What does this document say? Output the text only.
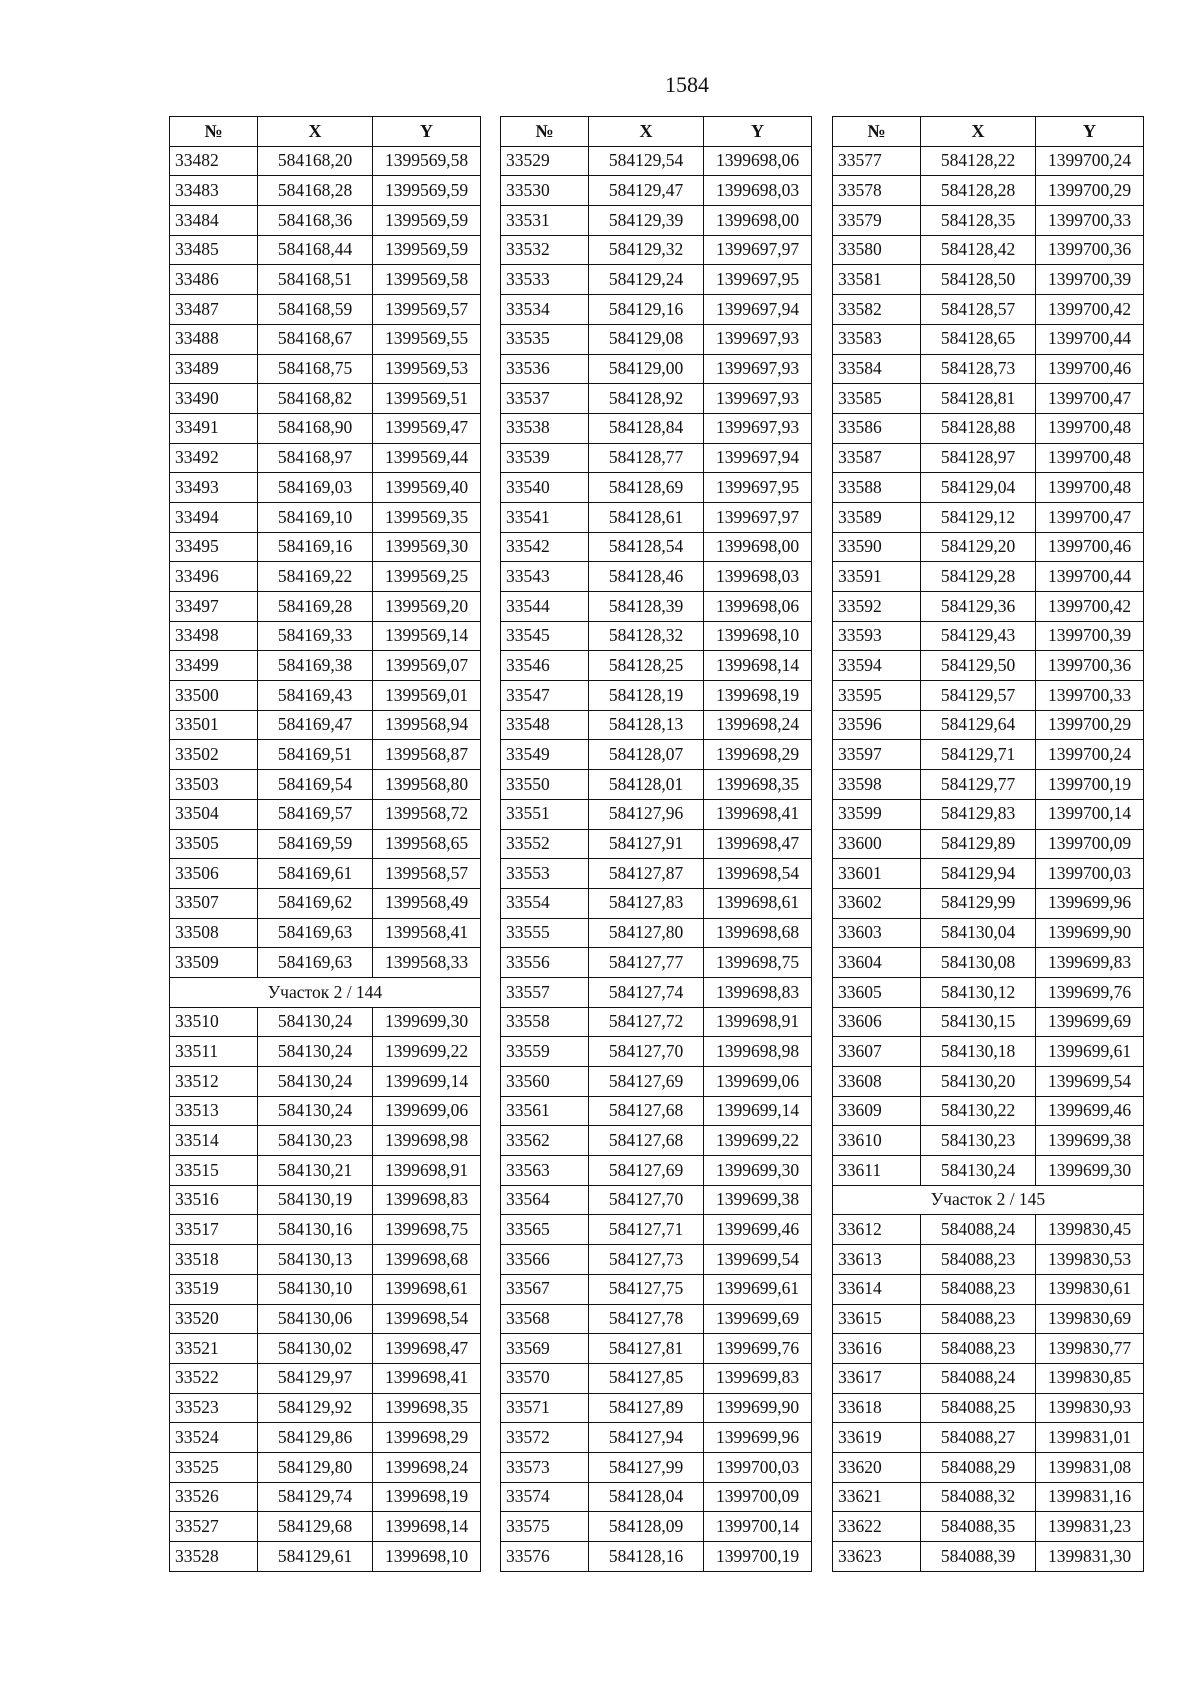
1584
№	X	Y
33482	584168,20	1399569,58
33483	584168,28	1399569,59
33484	584168,36	1399569,59
33485	584168,44	1399569,59
33486	584168,51	1399569,58
33487	584168,59	1399569,57
33488	584168,67	1399569,55
33489	584168,75	1399569,53
33490	584168,82	1399569,51
33491	584168,90	1399569,47
33492	584168,97	1399569,44
33493	584169,03	1399569,40
33494	584169,10	1399569,35
33495	584169,16	1399569,30
33496	584169,22	1399569,25
33497	584169,28	1399569,20
33498	584169,33	1399569,14
33499	584169,38	1399569,07
33500	584169,43	1399569,01
33501	584169,47	1399568,94
33502	584169,51	1399568,87
33503	584169,54	1399568,80
33504	584169,57	1399568,72
33505	584169,59	1399568,65
33506	584169,61	1399568,57
33507	584169,62	1399568,49
33508	584169,63	1399568,41
33509	584169,63	1399568,33
Участок 2 / 144		
33510	584130,24	1399699,30
33511	584130,24	1399699,22
33512	584130,24	1399699,14
33513	584130,24	1399699,06
33514	584130,23	1399698,98
33515	584130,21	1399698,91
33516	584130,19	1399698,83
33517	584130,16	1399698,75
33518	584130,13	1399698,68
33519	584130,10	1399698,61
33520	584130,06	1399698,54
33521	584130,02	1399698,47
33522	584129,97	1399698,41
33523	584129,92	1399698,35
33524	584129,86	1399698,29
33525	584129,80	1399698,24
33526	584129,74	1399698,19
33527	584129,68	1399698,14
33528	584129,61	1399698,10
№	X	Y
33529	584129,54	1399698,06
33530	584129,47	1399698,03
33531	584129,39	1399698,00
33532	584129,32	1399697,97
33533	584129,24	1399697,95
33534	584129,16	1399697,94
33535	584129,08	1399697,93
33536	584129,00	1399697,93
33537	584128,92	1399697,93
33538	584128,84	1399697,93
33539	584128,77	1399697,94
33540	584128,69	1399697,95
33541	584128,61	1399697,97
33542	584128,54	1399698,00
33543	584128,46	1399698,03
33544	584128,39	1399698,06
33545	584128,32	1399698,10
33546	584128,25	1399698,14
33547	584128,19	1399698,19
33548	584128,13	1399698,24
33549	584128,07	1399698,29
33550	584128,01	1399698,35
33551	584127,96	1399698,41
33552	584127,91	1399698,47
33553	584127,87	1399698,54
33554	584127,83	1399698,61
33555	584127,80	1399698,68
33556	584127,77	1399698,75
33557	584127,74	1399698,83
33558	584127,72	1399698,91
33559	584127,70	1399698,98
33560	584127,69	1399699,06
33561	584127,68	1399699,14
33562	584127,68	1399699,22
33563	584127,69	1399699,30
33564	584127,70	1399699,38
33565	584127,71	1399699,46
33566	584127,73	1399699,54
33567	584127,75	1399699,61
33568	584127,78	1399699,69
33569	584127,81	1399699,76
33570	584127,85	1399699,83
33571	584127,89	1399699,90
33572	584127,94	1399699,96
33573	584127,99	1399700,03
33574	584128,04	1399700,09
33575	584128,09	1399700,14
33576	584128,16	1399700,19
№	X	Y
33577	584128,22	1399700,24
33578	584128,28	1399700,29
33579	584128,35	1399700,33
33580	584128,42	1399700,36
33581	584128,50	1399700,39
33582	584128,57	1399700,42
33583	584128,65	1399700,44
33584	584128,73	1399700,46
33585	584128,81	1399700,47
33586	584128,88	1399700,48
33587	584128,97	1399700,48
33588	584129,04	1399700,48
33589	584129,12	1399700,47
33590	584129,20	1399700,46
33591	584129,28	1399700,44
33592	584129,36	1399700,42
33593	584129,43	1399700,39
33594	584129,50	1399700,36
33595	584129,57	1399700,33
33596	584129,64	1399700,29
33597	584129,71	1399700,24
33598	584129,77	1399700,19
33599	584129,83	1399700,14
33600	584129,89	1399700,09
33601	584129,94	1399700,03
33602	584129,99	1399699,96
33603	584130,04	1399699,90
33604	584130,08	1399699,83
33605	584130,12	1399699,76
33606	584130,15	1399699,69
33607	584130,18	1399699,61
33608	584130,20	1399699,54
33609	584130,22	1399699,46
33610	584130,23	1399699,38
33611	584130,24	1399699,30
Участок 2 / 145		
33612	584088,24	1399830,45
33613	584088,23	1399830,53
33614	584088,23	1399830,61
33615	584088,23	1399830,69
33616	584088,23	1399830,77
33617	584088,24	1399830,85
33618	584088,25	1399830,93
33619	584088,27	1399831,01
33620	584088,29	1399831,08
33621	584088,32	1399831,16
33622	584088,35	1399831,23
33623	584088,39	1399831,30
